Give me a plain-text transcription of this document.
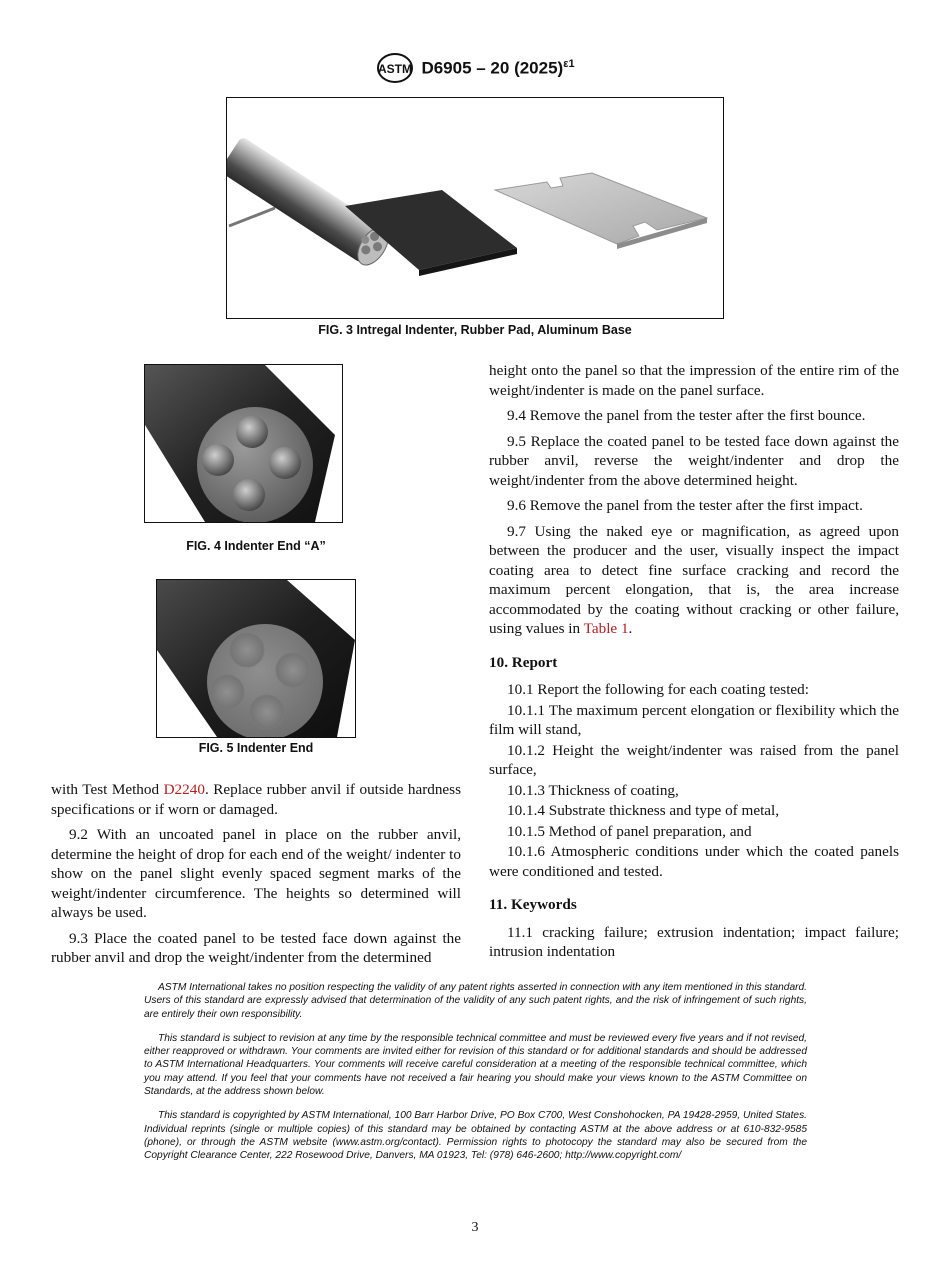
ASTM D6905 – 20 $(2025)^{\varepsilon 1}$
FIG. 3 Intregal Indenter, Rubber Pad, Aluminum Base
FIG. 4 Indenter End “A”
FIG. 5 Indenter End

with Test Method D2240. Replace rubber anvil if outside hardness specifications or if worn or damaged.

9.2 With an uncoated panel in place on the rubber anvil, determine the height of drop for each end of the weight/ indenter to show on the panel slight evenly spaced segment marks of the weight/indenter circumference. The heights so determined will always be used.

9.3 Place the coated panel to be tested face down against the rubber anvil and drop the weight/indenter from the determined

height onto the panel so that the impression of the entire rim of the weight/indenter is made on the panel surface.

9.4 Remove the panel from the tester after the first bounce.

9.5 Replace the coated panel to be tested face down against the rubber anvil, reverse the weight/indenter and drop the weight/indenter from the above determined height.

9.6 Remove the panel from the tester after the first impact.

9.7 Using the naked eye or magnification, as agreed upon between the producer and the user, visually inspect the impact coating area to detect fine surface cracking and record the maximum percent elongation, that is, the area increase accommodated by the coating without cracking or other failure, using values in Table 1.

10. Report

10.1 Report the following for each coating tested:

10.1.1 The maximum percent elongation or flexibility which the film will stand,

10.1.2 Height the weight/indenter was raised from the panel surface,

10.1.3 Thickness of coating,

10.1.4 Substrate thickness and type of metal,

10.1.5 Method of panel preparation, and

10.1.6 Atmospheric conditions under which the coated panels were conditioned and tested.

11. Keywords

11.1 cracking failure; extrusion indentation; impact failure; intrusion indentation

ASTM International takes no position respecting the validity of any patent rights asserted in connection with any item mentioned in this standard. Users of this standard are expressly advised that determination of the validity of any such patent rights, and the risk of infringement of such rights, are entirely their own responsibility.

This standard is subject to revision at any time by the responsible technical committee and must be reviewed every five years and if not revised, either reapproved or withdrawn. Your comments are invited either for revision of this standard or for additional standards and should be addressed to ASTM International Headquarters. Your comments will receive careful consideration at a meeting of the responsible technical committee, which you may attend. If you feel that your comments have not received a fair hearing you should make your views known to the ASTM Committee on Standards, at the address shown below.

This standard is copyrighted by ASTM International, 100 Barr Harbor Drive, PO Box C700, West Conshohocken, PA 19428-2959, United States. Individual reprints (single or multiple copies) of this standard may be obtained by contacting ASTM at the above address or at 610-832-9585 (phone), or through the ASTM website (www.astm.org/contact). Permission rights to photocopy the standard may also be secured from the Copyright Clearance Center, 222 Rosewood Drive, Danvers, MA 01923, Tel: (978) 646-2600; http://www.copyright.com/

3
